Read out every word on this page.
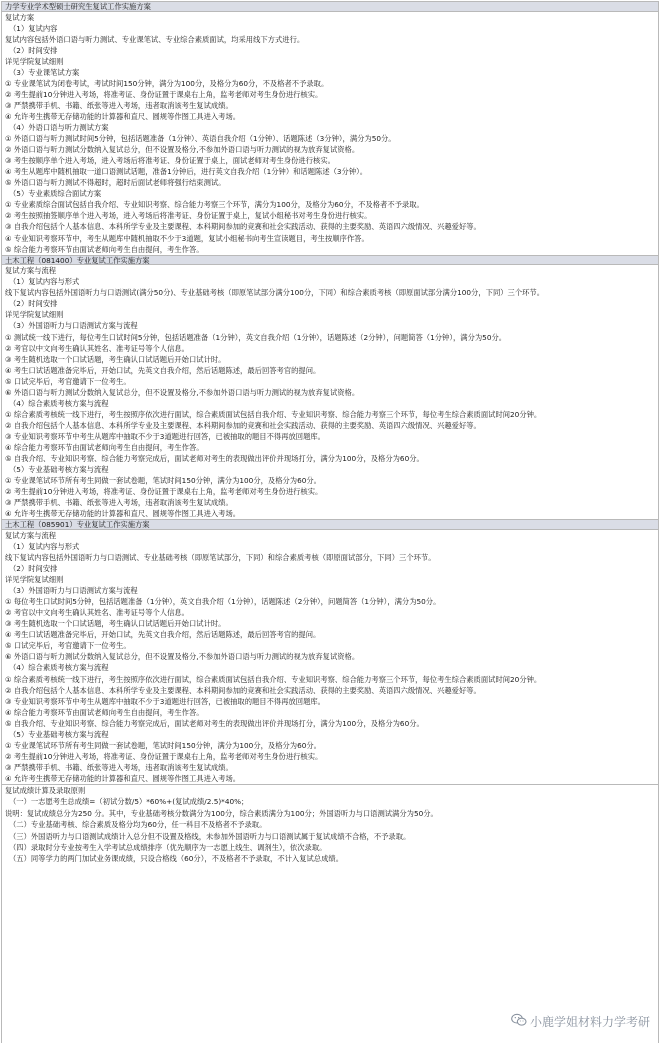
力学专业学术型硕士研究生复试工作实施方案
复试方案
（1）复试内容
复试内容包括外语口语与听力测试、专业课笔试、专业综合素质面试，均采用线下方式进行。
（2）时间安排
详见学院复试细则
（3）专业课笔试方案
① 专业课笔试为闭卷考试，考试时间150分钟，满分为100分，及格分为60分，不及格者不予录取。
② 考生提前10分钟进入考场，将准考证、身份证置于课桌右上角，监考老师对考生身份进行核实。
③ 严禁携带手机、书籍、纸张等进入考场，违者取消该考生复试成绩。
④ 允许考生携带无存储功能的计算器和直尺、圆规等作图工具进入考场。
（4）外语口语与听力测试方案
① 外语口语与听力测试时间5分钟，包括话题准备（1分钟）、英语自我介绍（1分钟）、话题陈述（3分钟），满分为50分。
② 外语口语与听力测试分数纳入复试总分，但不设置及格分,不参加外语口语与听力测试的视为放弃复试资格。
③ 考生按顺序单个进入考场，进入考场后将准考证、身份证置于桌上，面试老师对考生身份进行核实。
④ 考生从题库中随机抽取一道口语测试话题，准备1分钟后，进行英文自我介绍（1分钟）和话题陈述（3分钟）。
⑤ 外语口语与听力测试不得超时，超时后面试老师将强行结束测试。
（5）专业素质综合面试方案
① 专业素质综合面试包括自我介绍、专业知识考察、综合能力考察三个环节，满分为100分，及格分为60分，不及格者不予录取。
② 考生按照抽签顺序单个进入考场，进入考场后将准考证、身份证置于桌上，复试小组秘书对考生身份进行核实。
③ 自我介绍包括个人基本信息、本科所学专业及主要课程、本科期间参加的竞赛和社会实践活动、获得的主要奖励、英语四六级情况、兴趣爱好等。
④ 专业知识考察环节中，考生从题库中随机抽取不少于3道题，复试小组秘书向考生宣读题目，考生按顺序作答。
⑤ 综合能力考察环节由面试老师向考生自由提问，考生作答。
土木工程（081400）专业复试工作实施方案
复试方案与流程
（1）复试内容与形式
线下复试内容包括外国语听力与口语测试(满分50分)、专业基础考核（即原笔试部分满分100分，下同）和综合素质考核（即原面试部分满分100分，下同）三个环节。
（2）时间安排
详见学院复试细则
（3）外国语听力与口语测试方案与流程
① 测试统一线下进行，每位考生口试时间5分钟，包括话题准备（1分钟），英文自我介绍（1分钟），话题陈述（2分钟），问题简答（1分钟），满分为50分。
② 考官以中文向考生确认其姓名、准考证号等个人信息。
③ 考生随机选取一个口试话题，考生确认口试话题后开始口试计时。
④ 考生口试话题准备完毕后，开始口试，先英文自我介绍，然后话题陈述，最后回答考官的提问。
⑤ 口试完毕后，考官邀请下一位考生。
⑥ 外语口语与听力测试分数纳入复试总分，但不设置及格分,不参加外语口语与听力测试的视为放弃复试资格。
（4）综合素质考核方案与流程
① 综合素质考核统一线下进行，考生按照序依次进行面试，综合素质面试包括自我介绍、专业知识考察、综合能力考察三个环节，每位考生综合素质面试时间20分钟。
② 自我介绍包括个人基本信息、本科所学专业及主要课程、本科期间参加的竞赛和社会实践活动、获得的主要奖励、英语四六级情况、兴趣爱好等。
③ 专业知识考察环节中考生从题库中抽取不少于3道题进行回答，已被抽取的题目不得再放回题库。
④ 综合能力考察环节由面试老师向考生自由提问，考生作答。
⑤ 自我介绍、专业知识考察、综合能力考察完成后，面试老师对考生的表现做出评价并现场打分，满分为100分，及格分为60分。
（5）专业基础考核方案与流程
① 专业课笔试环节所有考生同做一套试卷题，笔试时间150分钟，满分为100分，及格分为60分。
② 考生提前10分钟进入考场，将准考证、身份证置于课桌右上角，监考老师对考生身份进行核实。
③ 严禁携带手机、书籍、纸张等进入考场，违者取消该考生复试成绩。
④ 允许考生携带无存储功能的计算器和直尺、圆规等作图工具进入考场。
土木工程（085901）专业复试工作实施方案
复试方案与流程
（1）复试内容与形式
线下复试内容包括外国语听力与口语测试、专业基础考核（即原笔试部分，下同）和综合素质考核（即原面试部分，下同）三个环节。
（2）时间安排
详见学院复试细则
（3）外国语听力与口语测试方案与流程
① 每位考生口试时间5分钟，包括话题准备（1分钟），英文自我介绍（1分钟），话题陈述（2分钟），问题简答（1分钟），满分为50分。
② 考官以中文向考生确认其姓名、准考证号等个人信息。
③ 考生随机选取一个口试话题，考生确认口试话题后开始口试计时。
④ 考生口试话题准备完毕后，开始口试，先英文自我介绍，然后话题陈述，最后回答考官的提问。
⑤ 口试完毕后，考官邀请下一位考生。
⑥ 外语口语与听力测试分数纳入复试总分，但不设置及格分,不参加外语口语与听力测试的视为放弃复试资格。
（4）综合素质考核方案与流程
① 综合素质考核统一线下进行，考生按照序依次进行面试，综合素质面试包括自我介绍、专业知识考察、综合能力考察三个环节，每位考生综合素质面试时间20分钟。
② 自我介绍包括个人基本信息、本科所学专业及主要课程、本科期间参加的竞赛和社会实践活动、获得的主要奖励、英语四六级情况、兴趣爱好等。
③ 专业知识考察环节中考生从题库中抽取不少于3道题进行回答，已被抽取的题目不得再放回题库。
④ 综合能力考察环节由面试老师向考生自由提问，考生作答。
⑤ 自我介绍、专业知识考察、综合能力考察完成后，面试老师对考生的表现做出评价并现场打分，满分为100分，及格分为60分。
（5）专业基础考核方案与流程
① 专业课笔试环节所有考生同做一套试卷题，笔试时间150分钟，满分为100分，及格分为60分。
② 考生提前10分钟进入考场，将准考证、身份证置于课桌右上角，监考老师对考生身份进行核实。
③ 严禁携带手机、书籍、纸张等进入考场，违者取消该考生复试成绩。
④ 允许考生携带无存储功能的计算器和直尺、圆规等作图工具进入考场。
复试成绩计算及录取原则
（一）一志愿考生总成绩=（初试分数/5）*60%+(复试成绩/2.5)*40%；
说明：复试成绩总分为250 分。其中，专业基础考核分数满分为100分，综合素质满分为100分；外国语听力与口语测试满分为50分。
（二）专业基础考核、综合素质及格分均为60分，任一科目不及格者不予录取。
（三）外国语听力与口语测试成绩计入总分但不设置及格线，未参加外国语听力与口语测试属于复试成绩不合格，不予录取。
（四）录取时分专业按考生入学考试总成绩排序（优先顺序为一志愿上线生、调剂生），依次录取。
（五）同等学力的两门加试业务课成绩，只设合格线（60分），不及格者不予录取，不计入复试总成绩。
小鹿学姐材料力学考研
